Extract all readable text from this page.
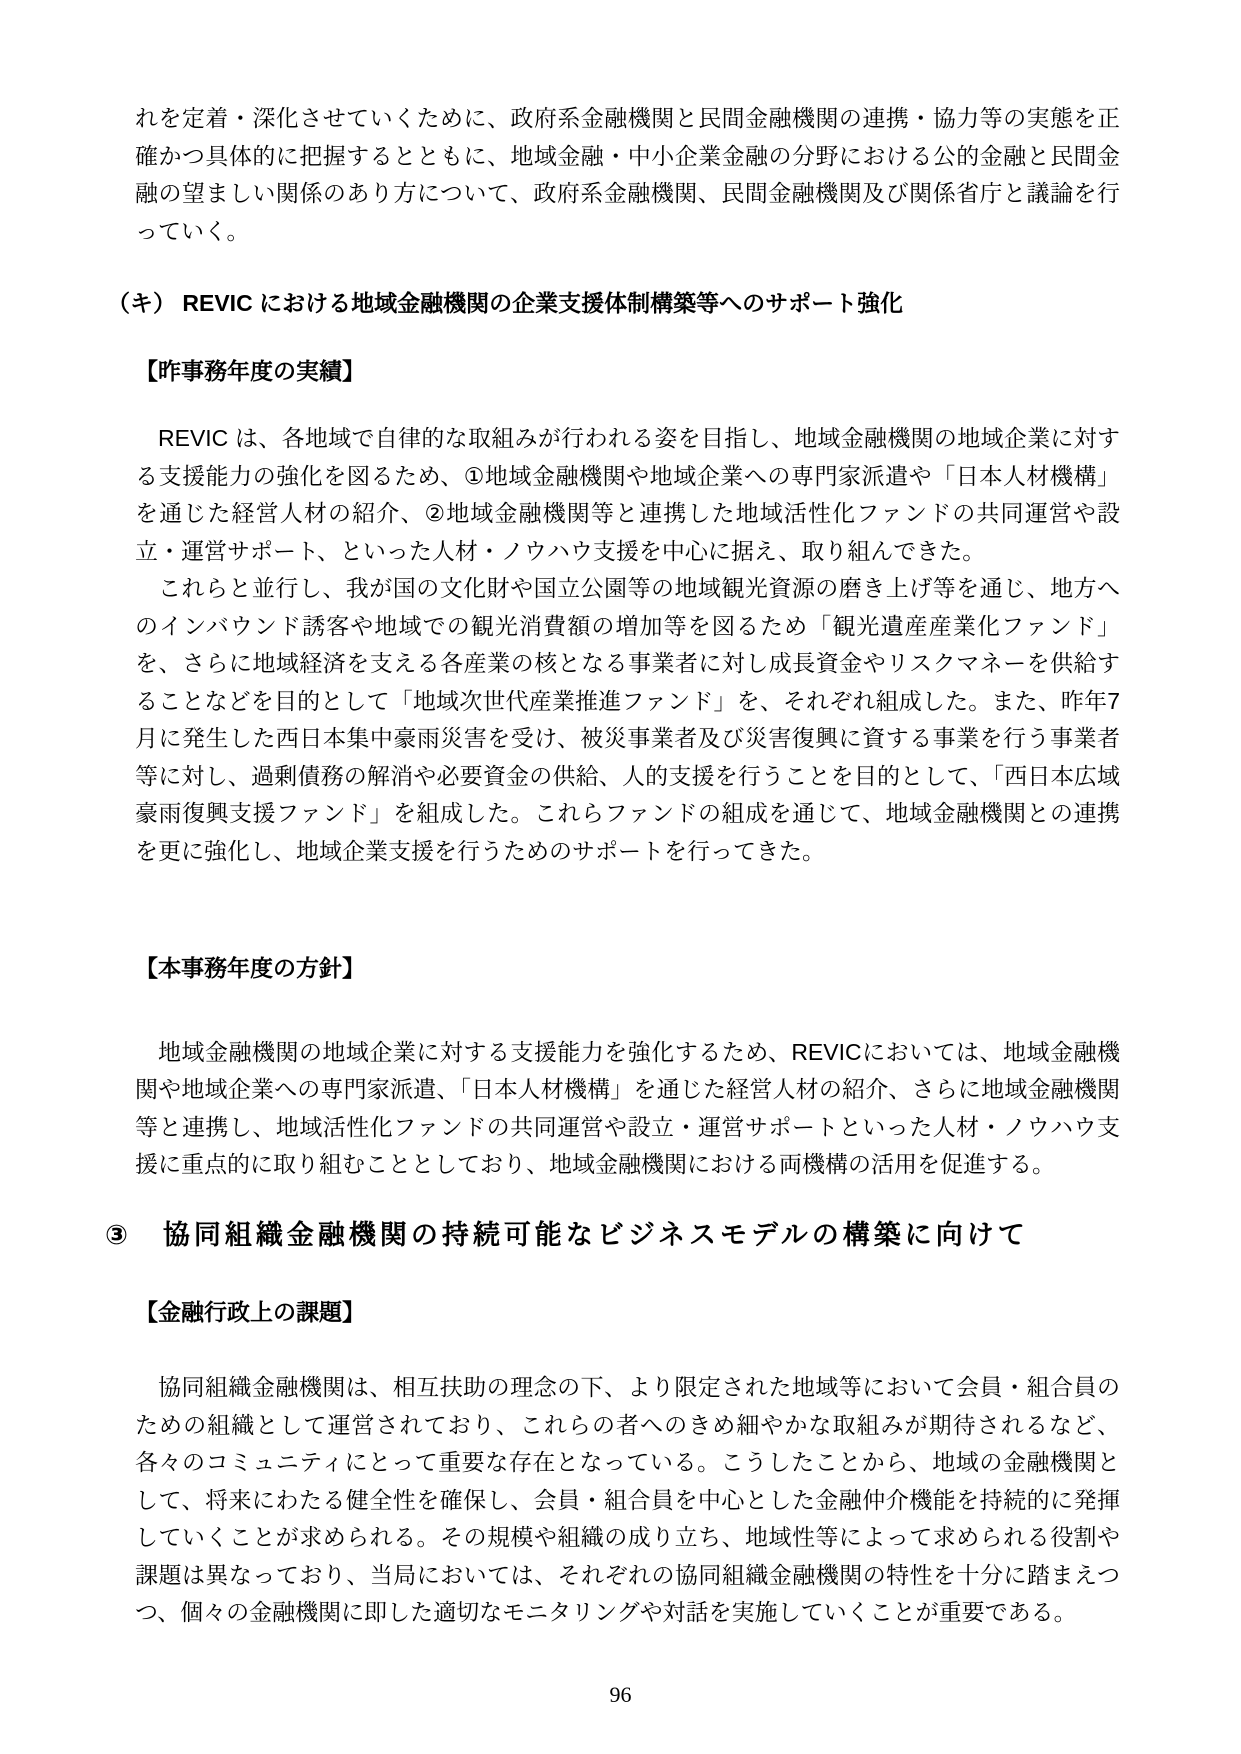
れを定着・深化させていくために、政府系金融機関と民間金融機関の連携・協力等の実態を正確かつ具体的に把握するとともに、地域金融・中小企業金融の分野における公的金融と民間金融の望ましい関係のあり方について、政府系金融機関、民間金融機関及び関係省庁と議論を行っていく。

（キ） REVIC における地域金融機関の企業支援体制構築等へのサポート強化
【昨事務年度の実績】

REVIC は、各地域で自律的な取組みが行われる姿を目指し、地域金融機関の地域企業に対する支援能力の強化を図るため、①地域金融機関や地域企業への専門家派遣や「日本人材機構」を通じた経営人材の紹介、②地域金融機関等と連携した地域活性化ファンドの共同運営や設立・運営サポート、といった人材・ノウハウ支援を中心に据え、取り組んできた。

これらと並行し、我が国の文化財や国立公園等の地域観光資源の磨き上げ等を通じ、地方へのインバウンド誘客や地域での観光消費額の増加等を図るため「観光遺産産業化ファンド」を、さらに地域経済を支える各産業の核となる事業者に対し成長資金やリスクマネーを供給することなどを目的として「地域次世代産業推進ファンド」を、それぞれ組成した。また、昨年7月に発生した西日本集中豪雨災害を受け、被災事業者及び災害復興に資する事業を行う事業者等に対し、過剰債務の解消や必要資金の供給、人的支援を行うことを目的として、「西日本広域豪雨復興支援ファンド」を組成した。これらファンドの組成を通じて、地域金融機関との連携を更に強化し、地域企業支援を行うためのサポートを行ってきた。

【本事務年度の方針】

地域金融機関の地域企業に対する支援能力を強化するため、REVICにおいては、地域金融機関や地域企業への専門家派遣、「日本人材機構」を通じた経営人材の紹介、さらに地域金融機関等と連携し、地域活性化ファンドの共同運営や設立・運営サポートといった人材・ノウハウ支援に重点的に取り組むこととしており、地域金融機関における両機構の活用を促進する。

③　協同組織金融機関の持続可能なビジネスモデルの構築に向けて
【金融行政上の課題】

協同組織金融機関は、相互扶助の理念の下、より限定された地域等において会員・組合員のための組織として運営されており、これらの者へのきめ細やかな取組みが期待されるなど、各々のコミュニティにとって重要な存在となっている。こうしたことから、地域の金融機関として、将来にわたる健全性を確保し、会員・組合員を中心とした金融仲介機能を持続的に発揮していくことが求められる。その規模や組織の成り立ち、地域性等によって求められる役割や課題は異なっており、当局においては、それぞれの協同組織金融機関の特性を十分に踏まえつつ、個々の金融機関に即した適切なモニタリングや対話を実施していくことが重要である。

96
